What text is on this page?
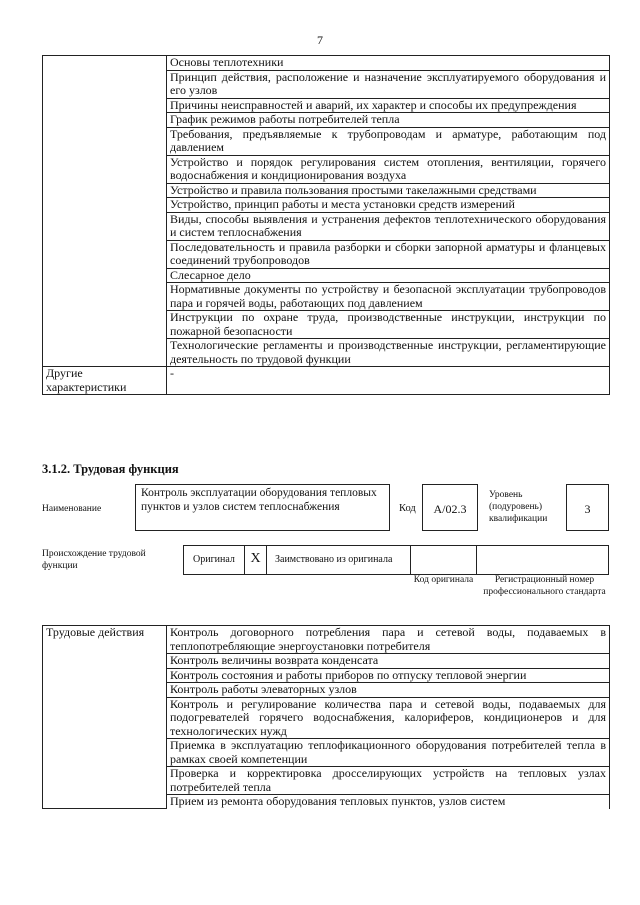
7
	Основы теплотехники
	Принцип действия, расположение и назначение эксплуатируемого оборудования и его узлов
	Причины неисправностей и аварий, их характер и способы их предупреждения
	График режимов работы потребителей тепла
	Требования, предъявляемые к трубопроводам и арматуре, работающим под давлением
	Устройство и порядок регулирования систем отопления, вентиляции, горячего водоснабжения и кондиционирования воздуха
	Устройство и правила пользования простыми такелажными средствами
	Устройство, принцип работы и места установки средств измерений
	Виды, способы выявления и устранения дефектов теплотехнического оборудования и систем теплоснабжения
	Последовательность и правила разборки и сборки запорной арматуры и фланцевых соединений трубопроводов
	Слесарное дело
	Нормативные документы по устройству и безопасной эксплуатации трубопроводов пара и горячей воды, работающих под давлением
	Инструкции по охране труда, производственные инструкции, инструкции по пожарной безопасности
	Технологические регламенты и производственные инструкции, регламентирующие деятельность по трудовой функции
Другие характеристики	-
3.1.2. Трудовая функция
Наименование
Контроль эксплуатации оборудования тепловых пунктов и узлов систем теплоснабжения	Код	A/02.3
Уровень (подуровень) квалификации
3
Происхождение трудовой функции
Оригинал	X	Заимствовано из оригинала
Код оригинала	Регистрационный номер профессионального стандарта
Трудовые действия	Контроль договорного потребления пара и сетевой воды, подаваемых в теплопотребляющие энергоустановки потребителя
Контроль величины возврата конденсата
Контроль состояния и работы приборов по отпуску тепловой энергии
Контроль работы элеваторных узлов
Контроль и регулирование количества пара и сетевой воды, подаваемых для подогревателей горячего водоснабжения, калориферов, кондиционеров и для технологических нужд
Приемка в эксплуатацию теплофикационного оборудования потребителей тепла в рамках своей компетенции
Проверка и корректировка дросселирующих устройств на тепловых узлах потребителей тепла
Прием из ремонта оборудования тепловых пунктов, узлов систем
